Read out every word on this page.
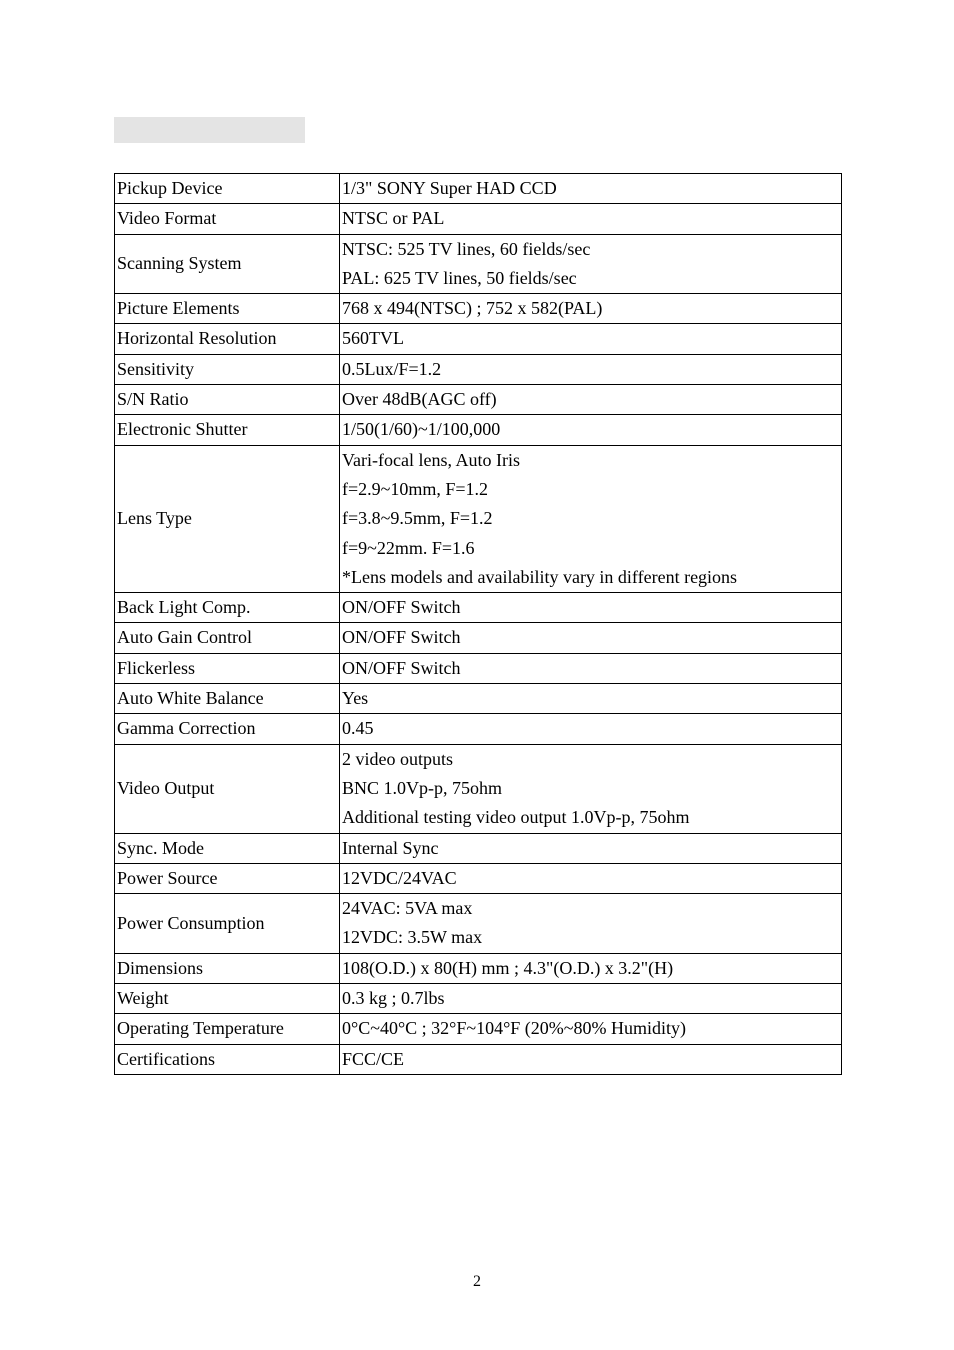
Pickup Device	1/3" SONY Super HAD CCD

Video Format	NTSC or PAL

Scanning System	NTSC: 525 TV lines, 60 fields/sec
PAL: 625 TV lines, 50 fields/sec

Picture Elements	768 x 494(NTSC) ; 752 x 582(PAL)

Horizontal Resolution	560TVL

Sensitivity	0.5Lux/F=1.2

S/N Ratio	Over 48dB(AGC off)

Electronic Shutter	1/50(1/60)~1/100,000

Lens Type	Vari-focal lens, Auto Iris
f=2.9~10mm, F=1.2
f=3.8~9.5mm, F=1.2
f=9~22mm. F=1.6
*Lens models and availability vary in different regions

Back Light Comp.	ON/OFF Switch

Auto Gain Control	ON/OFF Switch

Flickerless	ON/OFF Switch

Auto White Balance	Yes

Gamma Correction	0.45

Video Output	2 video outputs
BNC 1.0Vp-p, 75ohm
Additional testing video output 1.0Vp-p, 75ohm

Sync. Mode	Internal Sync

Power Source	12VDC/24VAC

Power Consumption	24VAC: 5VA max
12VDC: 3.5W max

Dimensions	108(O.D.) x 80(H) mm ; 4.3"(O.D.) x 3.2"(H)

Weight	0.3 kg ; 0.7lbs

Operating Temperature	0°C~40°C ; 32°F~104°F (20%~80% Humidity)

Certifications	FCC/CE
2
